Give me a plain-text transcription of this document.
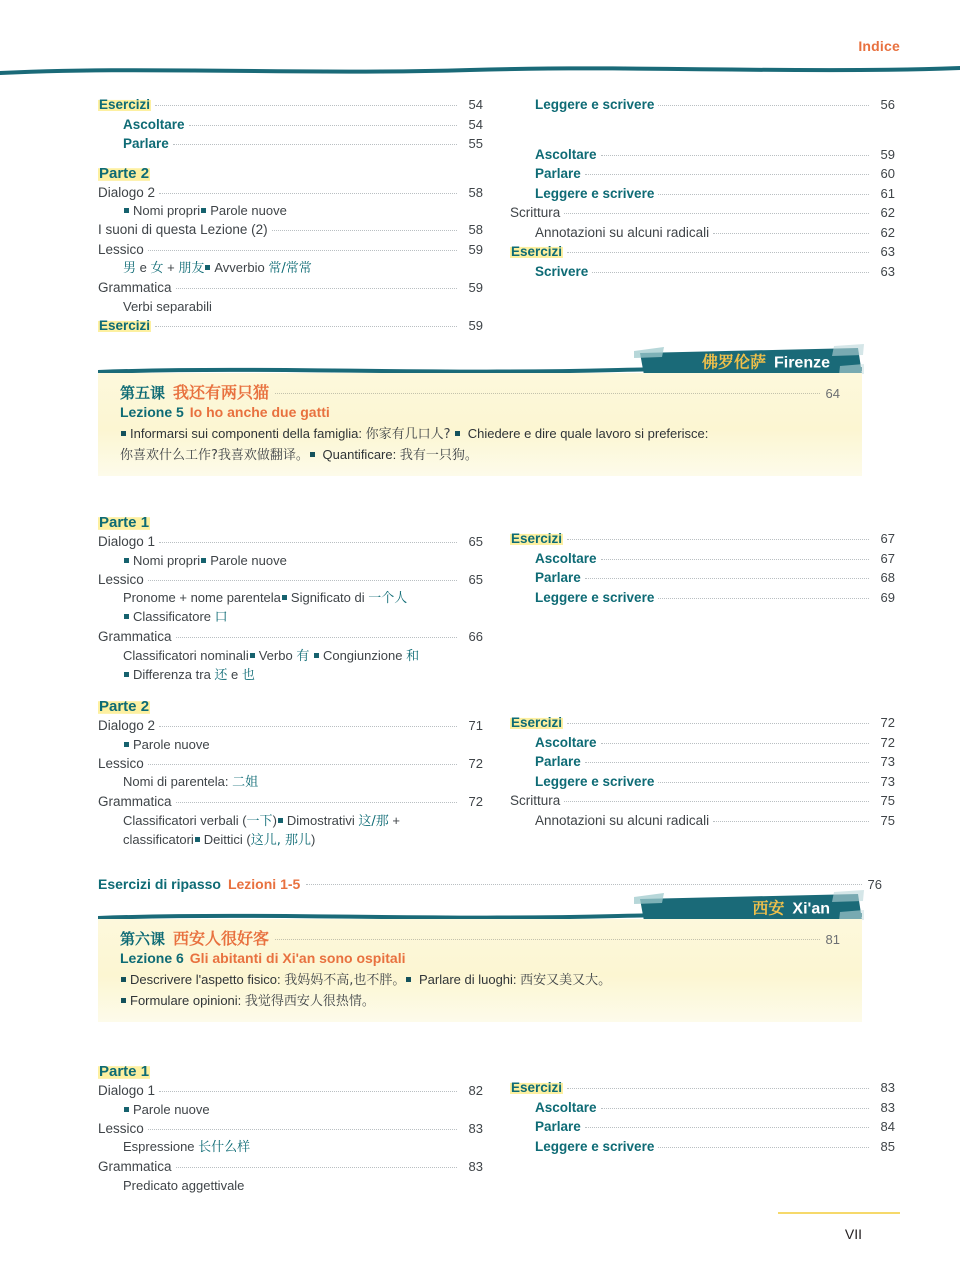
Indice
Esercizi	54
Ascoltare	54
Parlare	55
Parte 2
Dialogo 2	58
Nomi propri Parole nuove
I suoni di questa Lezione (2)	58
Lessico	59
男 e 女 + 朋友 Avverbio 常/常常
Grammatica	59
Verbi separabili
Esercizi	59
Leggere e scrivere	56
Ascoltare	59
Parlare	60
Leggere e scrivere	61
Scrittura	62
Annotazioni su alcuni radicali	62
Esercizi	63
Scrivere	63
佛罗伦萨 Firenze
第五课 我还有两只猫	64
Lezione 5 Io ho anche due gatti
Informarsi sui componenti della famiglia: 你家有几口人?  Chiedere e dire quale lavoro si preferisce:
你喜欢什么工作?我喜欢做翻译。 Quantificare: 我有一只狗。
Parte 1
Dialogo 1	65
Nomi propri Parole nuove
Lessico	65
Pronome + nome parentela Significato di 一个人
Classificatore 口
Grammatica	66
Classificatori nominali Verbo 有 Congiunzione 和
Differenza tra 还 e 也
Esercizi	67
Ascoltare	67
Parlare	68
Leggere e scrivere	69
Parte 2
Dialogo 2	71
Parole nuove
Lessico	72
Nomi di parentela: 二姐
Grammatica	72
Classificatori verbali (一下) Dimostrativi 这/那 +
classificatori Deittici (这儿, 那儿)
Esercizi	72
Ascoltare	72
Parlare	73
Leggere e scrivere	73
Scrittura	75
Annotazioni su alcuni radicali	75
Esercizi di ripasso Lezioni 1-5	76
西安 Xi'an
第六课 西安人很好客	81
Lezione 6 Gli abitanti di Xi'an sono ospitali
Descrivere l'aspetto fisico: 我妈妈不高,也不胖。 Parlare di luoghi: 西安又美又大。
Formulare opinioni: 我觉得西安人很热情。
Parte 1
Dialogo 1	82
Parole nuove
Lessico	83
Espressione 长什么样
Grammatica	83
Predicato aggettivale
Esercizi	83
Ascoltare	83
Parlare	84
Leggere e scrivere	85
VII
